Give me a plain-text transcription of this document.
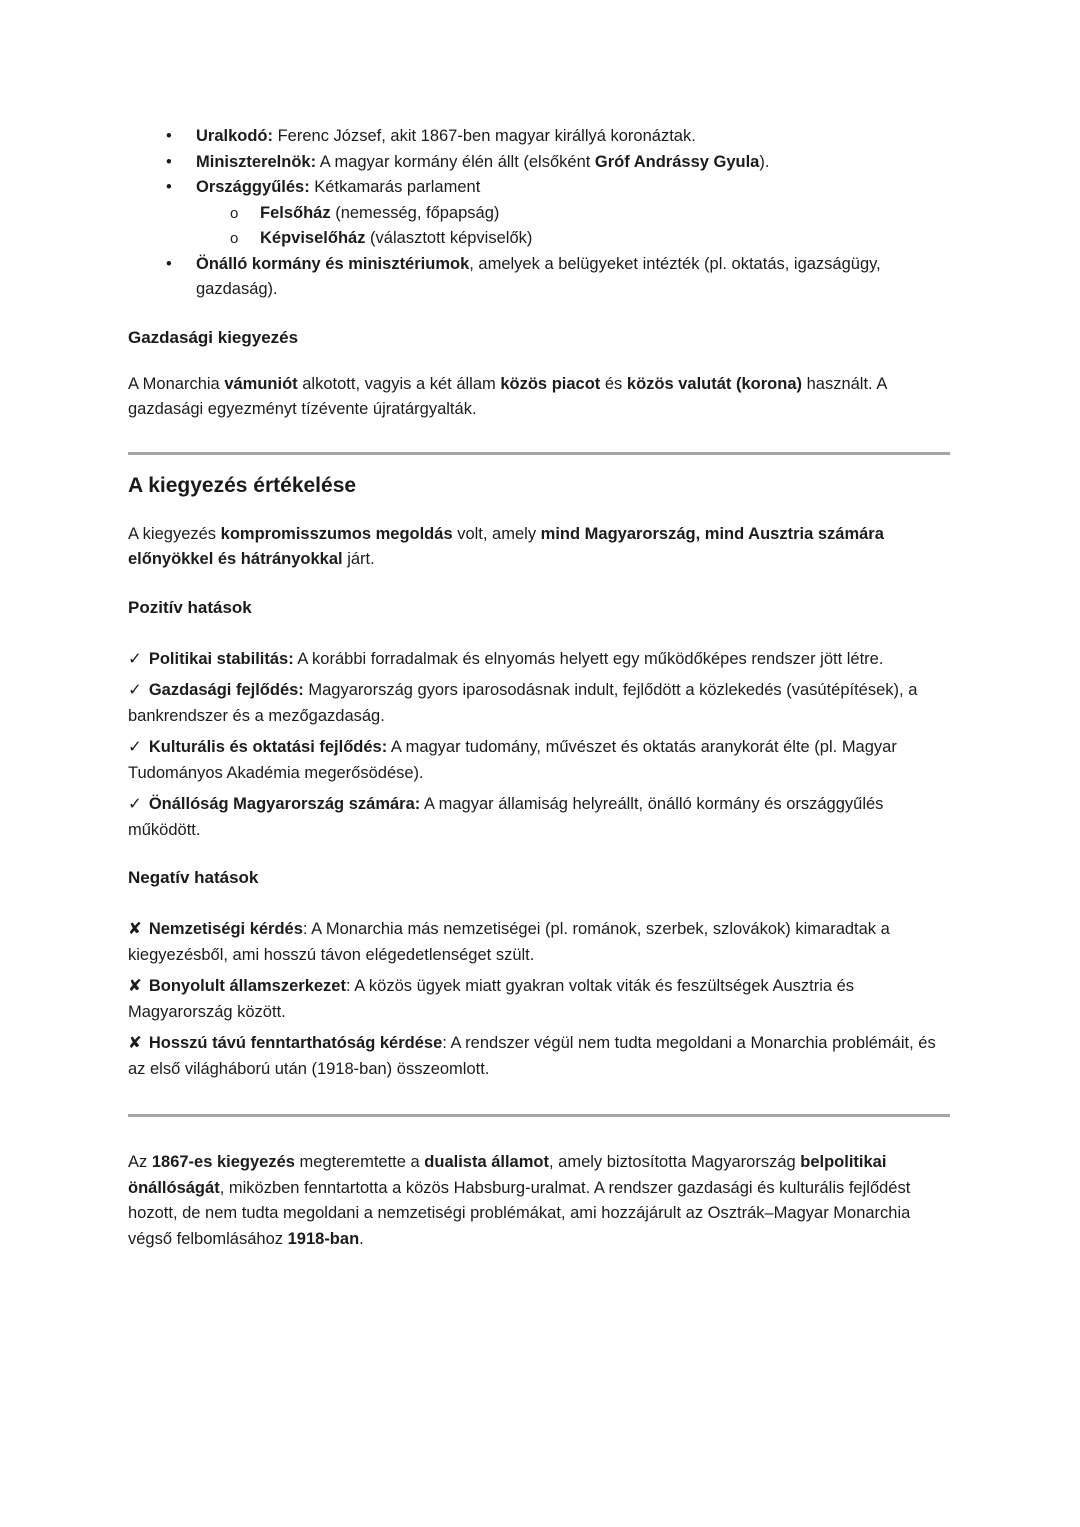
• Uralkodó: Ferenc József, akit 1867-ben magyar királlyá koronáztak.
• Miniszterelnök: A magyar kormány élén állt (elsőként Gróf Andrássy Gyula).
• Országgyűlés: Kétkamarás parlament
o Felsőház (nemesség, főpapság)
o Képviselőház (választott képviselők)
• Önálló kormány és minisztériumok, amelyek a belügyeket intézték (pl. oktatás, igazságügy, gazdaság).
Gazdasági kiegyezés

A Monarchia vámuniót alkotott, vagyis a két állam közös piacot és közös valutát (korona) használt. A gazdasági egyezményt tízévente újratárgyalták.

A kiegyezés értékelése

A kiegyezés kompromisszumos megoldás volt, amely mind Magyarország, mind Ausztria számára előnyökkel és hátrányokkal járt.

Pozitív hatások

✓ Politikai stabilitás: A korábbi forradalmak és elnyomás helyett egy működőképes rendszer jött létre.

✓ Gazdasági fejlődés: Magyarország gyors iparosodásnak indult, fejlődött a közlekedés (vasútépítések), a bankrendszer és a mezőgazdaság.

✓ Kulturális és oktatási fejlődés: A magyar tudomány, művészet és oktatás aranykorát élte (pl. Magyar Tudományos Akadémia megerősödése).

✓ Önállóság Magyarország számára: A magyar államiság helyreállt, önálló kormány és országgyűlés működött.

Negatív hatások

✘ Nemzetiségi kérdés: A Monarchia más nemzetiségei (pl. románok, szerbek, szlovákok) kimaradtak a kiegyezésből, ami hosszú távon elégedetlenséget szült.

✘ Bonyolult államszerkezet: A közös ügyek miatt gyakran voltak viták és feszültségek Ausztria és Magyarország között.

✘ Hosszú távú fenntarthatóság kérdése: A rendszer végül nem tudta megoldani a Monarchia problémáit, és az első világháború után (1918-ban) összeomlott.

Az 1867-es kiegyezés megteremtette a dualista államot, amely biztosította Magyarország belpolitikai önállóságát, miközben fenntartotta a közös Habsburg-uralmat. A rendszer gazdasági és kulturális fejlődést hozott, de nem tudta megoldani a nemzetiségi problémákat, ami hozzájárult az Osztrák–Magyar Monarchia végső felbomlásához 1918-ban.
